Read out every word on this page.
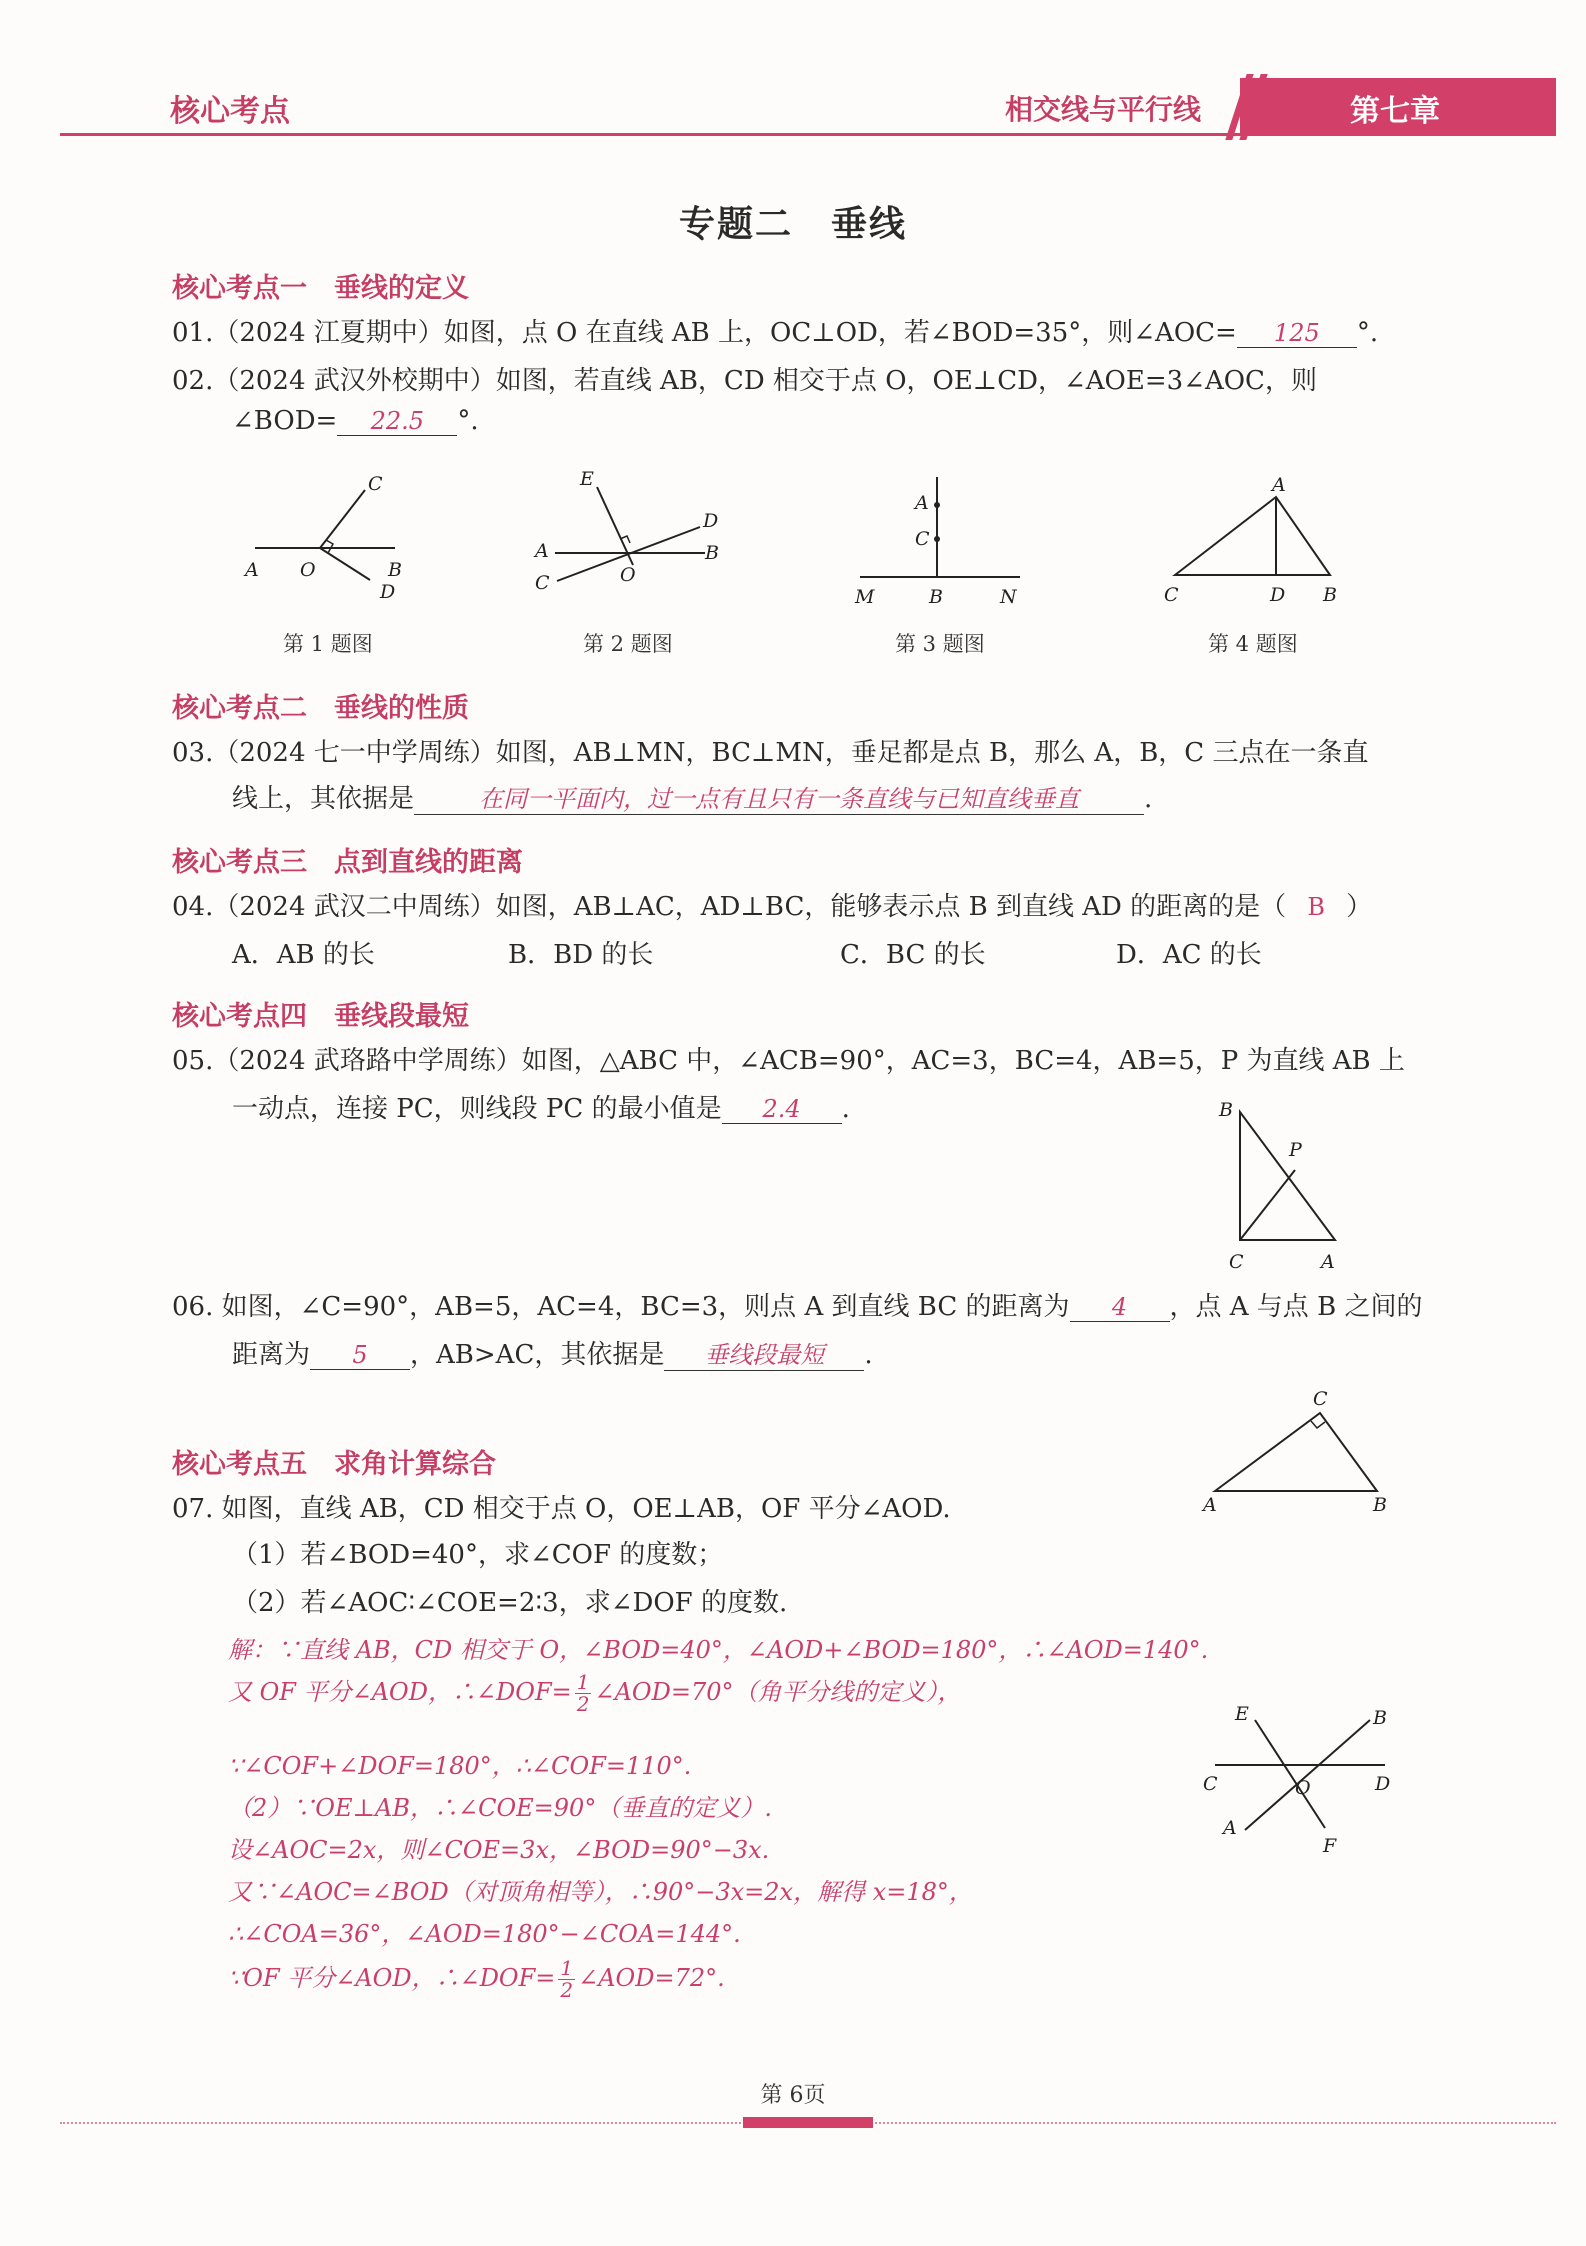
核心考点	相交线与平行线	第七章
专题二　垂线
核心考点一　垂线的定义
01.（2024 江夏期中）如图，点 O 在直线 AB 上，OC⊥OD，若∠BOD=35°，则∠AOC= 125 °.
02.（2024 武汉外校期中）如图，若直线 AB，CD 相交于点 O，OE⊥CD，∠AOE=3∠AOC，则
∠BOD= 22.5 °.
C
A O	B
D
第 1 题图
E
D
A	B
C	O
第 2 题图
A
C
M	B	N
第 3 题图
A
C	D B
第 4 题图
核心考点二　垂线的性质
03.（2024 七一中学周练）如图，AB⊥MN，BC⊥MN，垂足都是点 B，那么 A，B，C 三点在一条直
线上，其依据是	在同一平面内，过一点有且只有一条直线与已知直线垂直	.
核心考点三　点到直线的距离
04.（2024 武汉二中周练）如图，AB⊥AC，AD⊥BC，能够表示点 B 到直线 AD 的距离的是（ B ）
A．AB 的长	B．BD 的长	C．BC 的长	D．AC 的长
核心考点四　垂线段最短
05.（2024 武珞路中学周练）如图，△ABC 中，∠ACB=90°，AC=3，BC=4，AB=5，P 为直线 AB 上
一动点，连接 PC，则线段 PC 的最小值是 2.4 .	B
P
C	A
06. 如图，∠C=90°，AB=5，AC=4，BC=3，则点 A 到直线 BC 的距离为 4 ，点 A 与点 B 之间的
距离为 5 ，AB>AC，其依据是 垂线段最短 .
C
A	B
核心考点五　求角计算综合
07. 如图，直线 AB，CD 相交于点 O，OE⊥AB，OF 平分∠AOD.
（1）若∠BOD=40°，求∠COF 的度数；
（2）若∠AOC∶∠COE=2∶3，求∠DOF 的度数.
解：∵直线 AB，CD 相交于 O，∠BOD=40°，∠AOD+∠BOD=180°，∴∠AOD=140°.
又 OF 平分∠AOD，∴∠DOF= $\frac{1}{2}$ ∠AOD=70°（角平分线的定义），
∵∠COF+∠DOF=180°，∴∠COF=110°.
（2）∵OE⊥AB，∴∠COE=90°（垂直的定义）.
设∠AOC=2x，则∠COE=3x，∠BOD=90°−3x.
又∵∠AOC=∠BOD（对顶角相等），∴90°−3x=2x，解得 x=18°，
∴∠COA=36°，∠AOD=180°−∠COA=144°.
∵OF 平分∠AOD，∴∠DOF= $\frac{1}{2}$ ∠AOD=72°.
E	B
C	O	D
A
F
第 6页
